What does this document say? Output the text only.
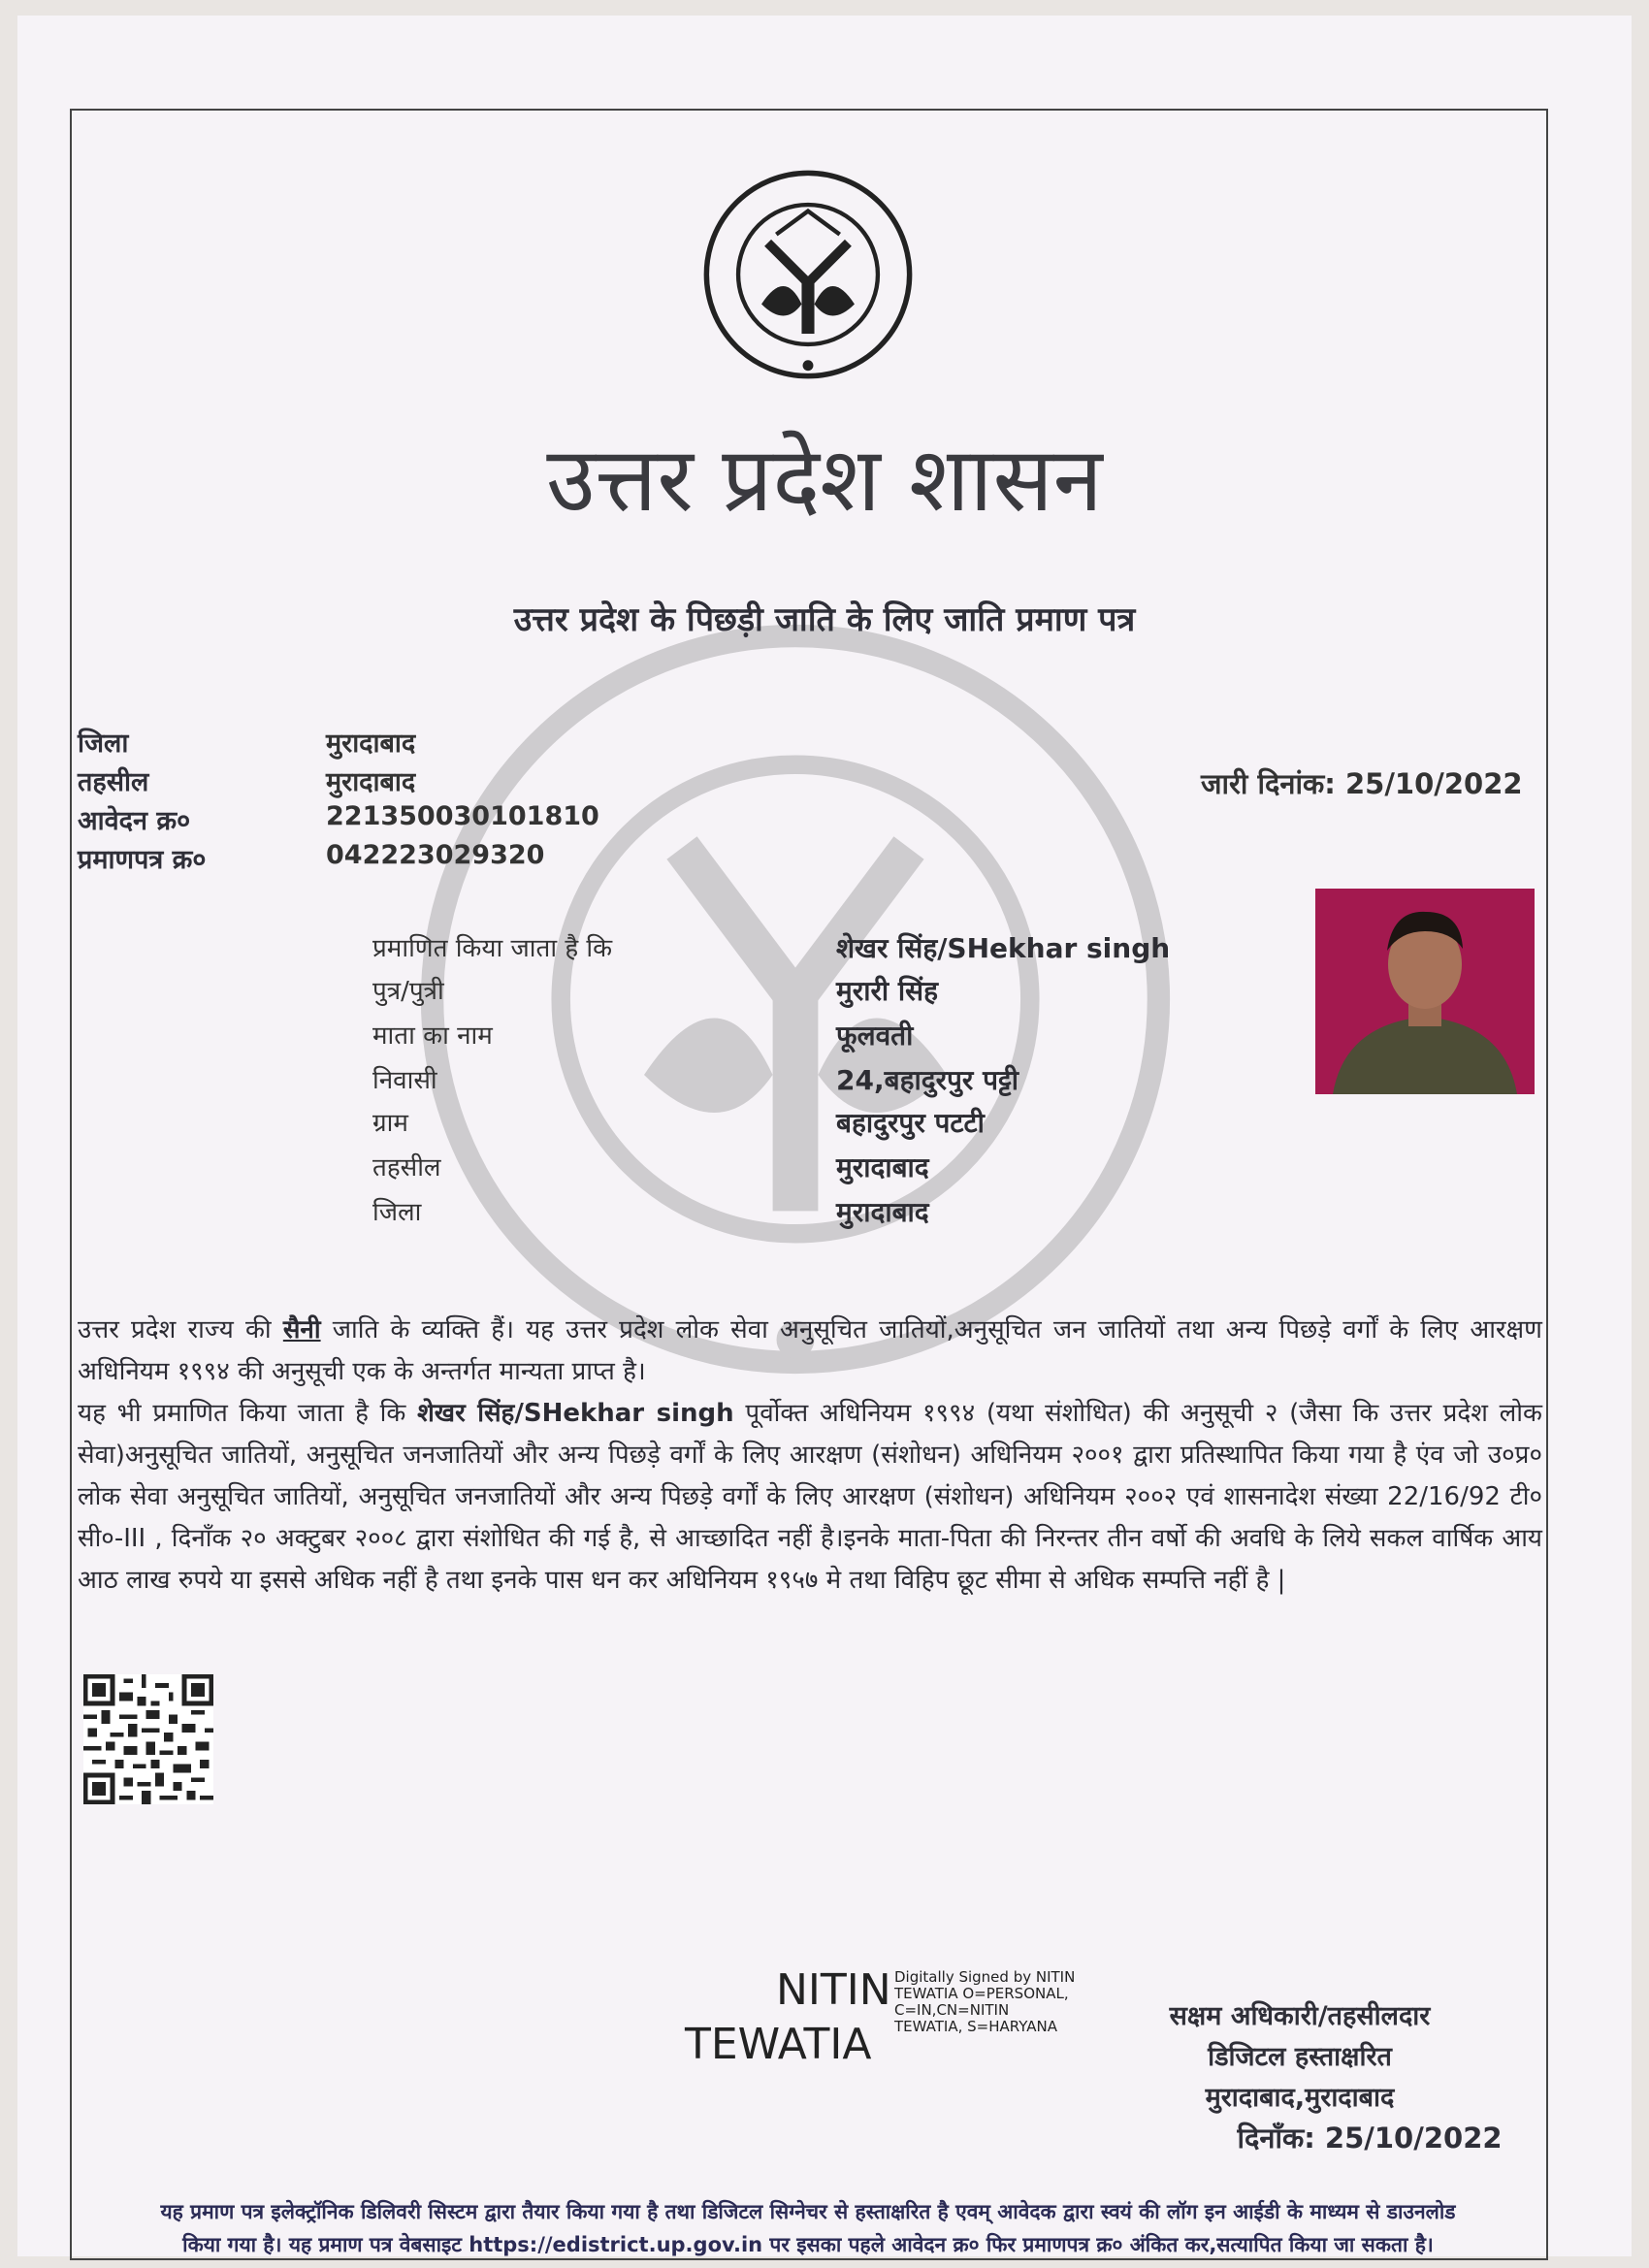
उत्तर प्रदेश शासन
उत्तर प्रदेश के पिछड़ी जाति के लिए जाति प्रमाण पत्र
जिला
तहसील
आवेदन क्र०
प्रमाणपत्र क्र०
मुरादाबाद
मुरादाबाद
221350030101810
042223029320
जारी दिनांक: 25/10/2022
प्रमाणित किया जाता है कि
पुत्र/पुत्री
माता का नाम
निवासी
ग्राम
तहसील
जिला
शेखर सिंह/SHekhar singh
मुरारी सिंह
फूलवती
24,बहादुरपुर पट्टी
बहादुरपुर पटटी
मुरादाबाद
मुरादाबाद

उत्तर प्रदेश राज्य की सैनी जाति के व्यक्ति हैं। यह उत्तर प्रदेश लोक सेवा अनुसूचित जातियों,अनुसूचित जन जातियों तथा अन्य पिछड़े वर्गों के लिए आरक्षण अधिनियम १९९४ की अनुसूची एक के अन्तर्गत मान्यता प्राप्त है।

यह भी प्रमाणित किया जाता है कि शेखर सिंह/SHekhar singh पूर्वोक्त अधिनियम १९९४ (यथा संशोधित) की अनुसूची २ (जैसा कि उत्तर प्रदेश लोक सेवा)अनुसूचित जातियों, अनुसूचित जनजातियों और अन्य पिछड़े वर्गों के लिए आरक्षण (संशोधन) अधिनियम २००१ द्वारा प्रतिस्थापित किया गया है एंव जो उ०प्र० लोक सेवा अनुसूचित जातियों, अनुसूचित जनजातियों और अन्य पिछड़े वर्गों के लिए आरक्षण (संशोधन) अधिनियम २००२ एवं शासनादेश संख्या 22/16/92 टी० सी०-III , दिनाँक २० अक्टुबर २००८ द्वारा संशोधित की गई है, से आच्छादित नहीं है।इनके माता-पिता की निरन्तर तीन वर्षो की अवधि के लिये सकल वार्षिक आय आठ लाख रुपये या इससे अधिक नहीं है तथा इनके पास धन कर अधिनियम १९५७ मे तथा विहिप छूट सीमा से अधिक सम्पत्ति नहीं है |

NITIN
TEWATIA
Digitally Signed by NITIN
TEWATIA O=PERSONAL,
C=IN,CN=NITIN
TEWATIA, S=HARYANA	सक्षम अधिकारी/तहसीलदार
डिजिटल हस्ताक्षरित
मुरादाबाद,मुरादाबाद
दिनाँक: 25/10/2022
यह प्रमाण पत्र इलेक्ट्रॉनिक डिलिवरी सिस्टम द्वारा तैयार किया गया है तथा डिजिटल सिग्नेचर से हस्ताक्षरित है एवम् आवेदक द्वारा स्वयं की लॉग इन आईडी के माध्यम से डाउनलोड
किया गया है। यह प्रमाण पत्र वेबसाइट https://edistrict.up.gov.in पर इसका पहले आवेदन क्र० फिर प्रमाणपत्र क्र० अंकित कर,सत्यापित किया जा सकता है।
